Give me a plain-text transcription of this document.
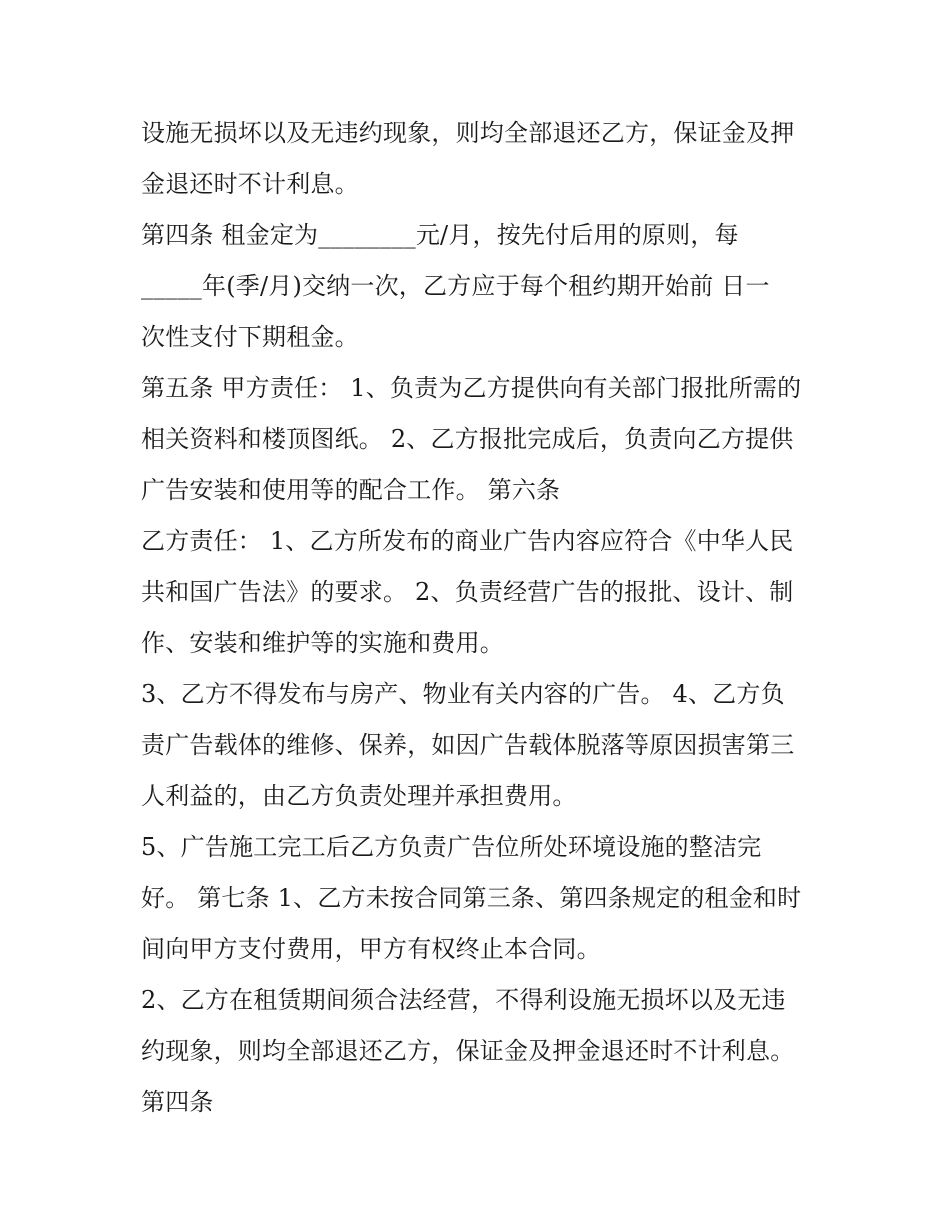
设施无损坏以及无违约现象，则均全部退还乙方，保证金及押
金退还时不计利息。
第四条 租金定为________元/月，按先付后用的原则，每
_____年(季/月)交纳一次，乙方应于每个租约期开始前 日一
次性支付下期租金。
第五条 甲方责任： 1、负责为乙方提供向有关部门报批所需的
相关资料和楼顶图纸。 2、乙方报批完成后，负责向乙方提供
广告安装和使用等的配合工作。 第六条
乙方责任： 1、乙方所发布的商业广告内容应符合《中华人民
共和国广告法》的要求。 2、负责经营广告的报批、设计、制
作、安装和维护等的实施和费用。
3、乙方不得发布与房产、物业有关内容的广告。 4、乙方负
责广告载体的维修、保养，如因广告载体脱落等原因损害第三
人利益的，由乙方负责处理并承担费用。
5、广告施工完工后乙方负责广告位所处环境设施的整洁完
好。 第七条 1、乙方未按合同第三条、第四条规定的租金和时
间向甲方支付费用，甲方有权终止本合同。
2、乙方在租赁期间须合法经营，不得利设施无损坏以及无违
约现象，则均全部退还乙方，保证金及押金退还时不计利息。
第四条
